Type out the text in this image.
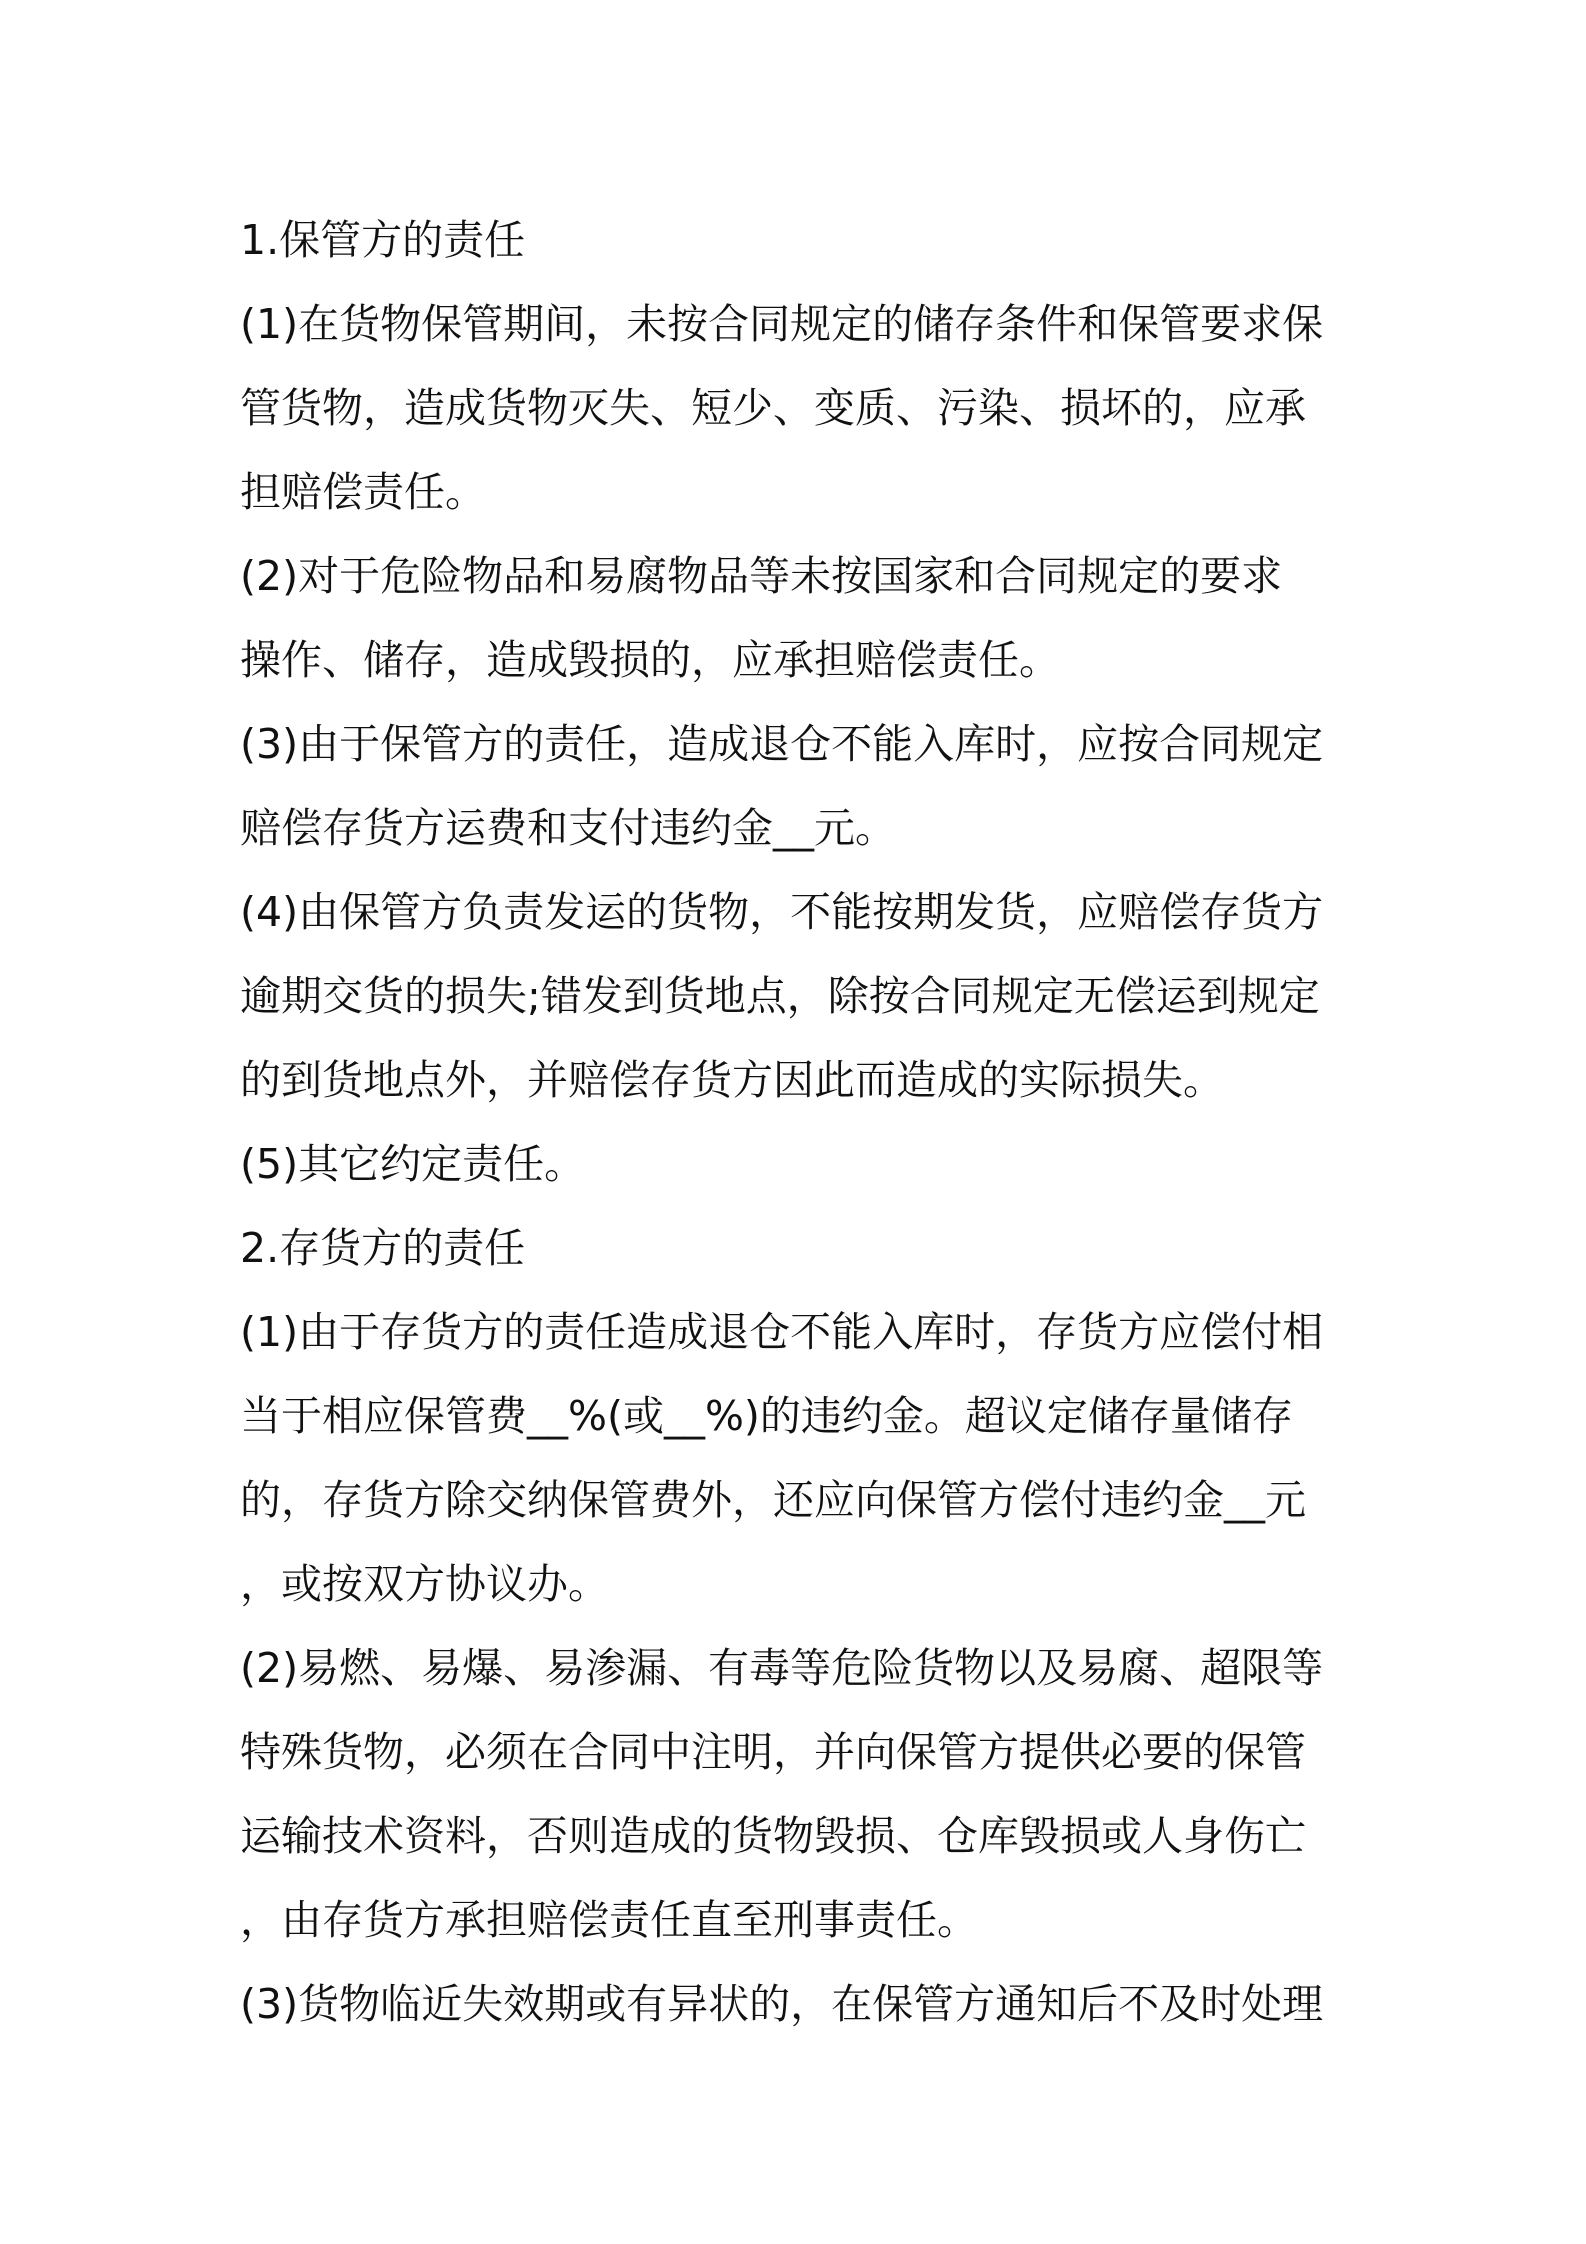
1.保管方的责任
(1)在货物保管期间，未按合同规定的储存条件和保管要求保
管货物，造成货物灭失、短少、变质、污染、损坏的，应承
担赔偿责任。
(2)对于危险物品和易腐物品等未按国家和合同规定的要求
操作、储存，造成毁损的，应承担赔偿责任。
(3)由于保管方的责任，造成退仓不能入库时，应按合同规定
赔偿存货方运费和支付违约金__元。
(4)由保管方负责发运的货物，不能按期发货，应赔偿存货方
逾期交货的损失;错发到货地点，除按合同规定无偿运到规定
的到货地点外，并赔偿存货方因此而造成的实际损失。
(5)其它约定责任。
2.存货方的责任
(1)由于存货方的责任造成退仓不能入库时，存货方应偿付相
当于相应保管费__%(或__%)的违约金。超议定储存量储存
的，存货方除交纳保管费外，还应向保管方偿付违约金__元
，或按双方协议办。
(2)易燃、易爆、易渗漏、有毒等危险货物以及易腐、超限等
特殊货物，必须在合同中注明，并向保管方提供必要的保管
运输技术资料，否则造成的货物毁损、仓库毁损或人身伤亡
，由存货方承担赔偿责任直至刑事责任。
(3)货物临近失效期或有异状的，在保管方通知后不及时处理
